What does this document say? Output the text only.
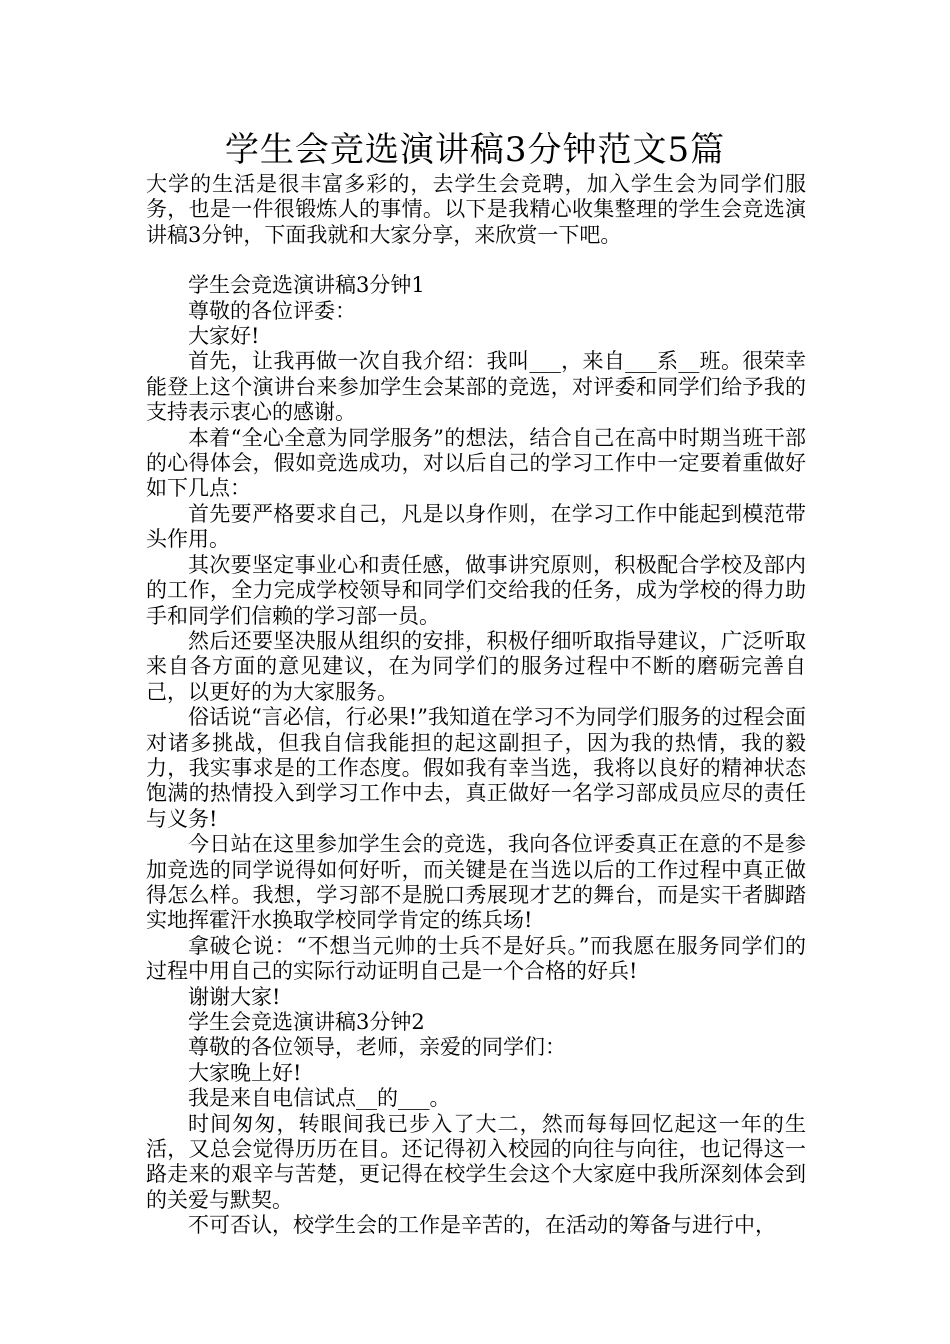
学生会竞选演讲稿3分钟范文5篇

大学的生活是很丰富多彩的，去学生会竞聘，加入学生会为同学们服务，也是一件很锻炼人的事情。以下是我精心收集整理的学生会竞选演讲稿3分钟，下面我就和大家分享，来欣赏一下吧。

学生会竞选演讲稿3分钟1

尊敬的各位评委：

大家好!

首先，让我再做一次自我介绍：我叫___，来自___系__班。很荣幸能登上这个演讲台来参加学生会某部的竞选，对评委和同学们给予我的支持表示衷心的感谢。

本着“全心全意为同学服务”的想法，结合自己在高中时期当班干部的心得体会，假如竞选成功，对以后自己的学习工作中一定要着重做好如下几点：

首先要严格要求自己，凡是以身作则，在学习工作中能起到模范带头作用。

其次要坚定事业心和责任感，做事讲究原则，积极配合学校及部内的工作，全力完成学校领导和同学们交给我的任务，成为学校的得力助手和同学们信赖的学习部一员。

然后还要坚决服从组织的安排，积极仔细听取指导建议，广泛听取来自各方面的意见建议，在为同学们的服务过程中不断的磨砺完善自己，以更好的为大家服务。

俗话说“言必信，行必果!”我知道在学习不为同学们服务的过程会面对诸多挑战，但我自信我能担的起这副担子，因为我的热情，我的毅力，我实事求是的工作态度。假如我有幸当选，我将以良好的精神状态饱满的热情投入到学习工作中去，真正做好一名学习部成员应尽的责任与义务!

今日站在这里参加学生会的竞选，我向各位评委真正在意的不是参加竞选的同学说得如何好听，而关键是在当选以后的工作过程中真正做得怎么样。我想，学习部不是脱口秀展现才艺的舞台，而是实干者脚踏实地挥霍汗水换取学校同学肯定的练兵场!

拿破仑说：“不想当元帅的士兵不是好兵。”而我愿在服务同学们的过程中用自己的实际行动证明自己是一个合格的好兵!

谢谢大家!

学生会竞选演讲稿3分钟2

尊敬的各位领导，老师，亲爱的同学们：

大家晚上好!

我是来自电信试点__的___。

时间匆匆，转眼间我已步入了大二，然而每每回忆起这一年的生活，又总会觉得历历在目。还记得初入校园的向往与向往，也记得这一路走来的艰辛与苦楚，更记得在校学生会这个大家庭中我所深刻体会到的关爱与默契。

不可否认，校学生会的工作是辛苦的，在活动的筹备与进行中，
